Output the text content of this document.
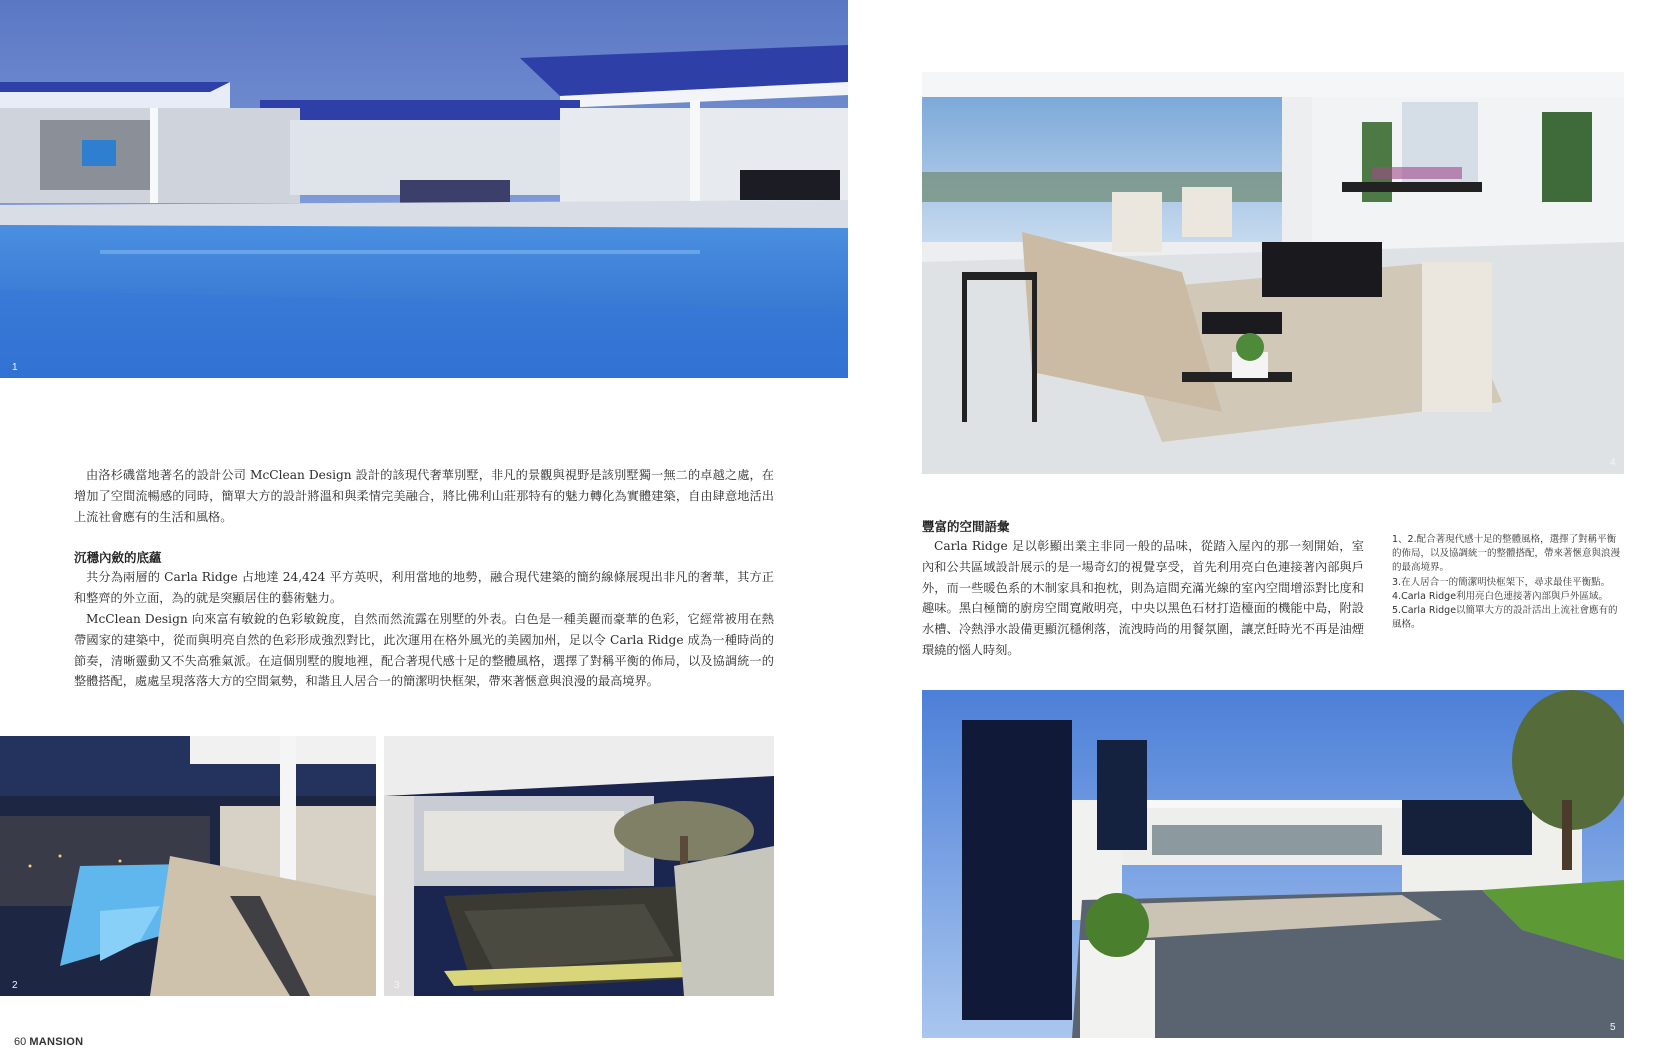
1
4
由洛杉磯當地著名的設計公司 McClean Design 設計的該現代奢華別墅，非凡的景觀與視野是該別墅獨一無二的卓越之處，在增加了空間流暢感的同時，簡單大方的設計將溫和與柔情完美融合，將比佛利山莊那特有的魅力轉化為實體建築，自由肆意地活出上流社會應有的生活和風格。
沉穩內斂的底蘊
共分為兩層的 Carla Ridge 占地達 24,424 平方英呎，利用當地的地勢，融合現代建築的簡約線條展現出非凡的奢華，其方正和整齊的外立面，為的就是突顯居住的藝術魅力。
McClean Design 向來富有敏銳的色彩敏銳度，自然而然流露在別墅的外表。白色是一種美麗而豪華的色彩，它經常被用在熱帶國家的建築中，從而與明亮自然的色彩形成強烈對比，此次運用在格外風光的美國加州，足以令 Carla Ridge 成為一種時尚的節奏，清晰靈動又不失高雅氣派。在這個別墅的腹地裡，配合著現代感十足的整體風格，選擇了對稱平衡的佈局，以及協調統一的整體搭配，處處呈現落落大方的空間氣勢，和諧且人居合一的簡潔明快框架，帶來著愜意與浪漫的最高境界。
豐富的空間語彙
Carla Ridge 足以彰顯出業主非同一般的品味，從踏入屋內的那一刻開始，室內和公共區域設計展示的是一場奇幻的視覺享受，首先利用亮白色連接著內部與戶外，而一些暖色系的木制家具和抱枕，則為這間充滿光線的室內空間增添對比度和趣味。黑白極簡的廚房空間寬敞明亮，中央以黑色石材打造檯面的機能中島，附設水槽、冷熱淨水設備更顯沉穩俐落，流洩時尚的用餐氛圍，讓烹飪時光不再是油煙環繞的惱人時刻。
1、2.配合著現代感十足的整體風格，選擇了對稱平衡的佈局，以及協調統一的整體搭配，帶來著愜意與浪漫的最高境界。
3.在人居合一的簡潔明快框架下，尋求最佳平衡點。
4.Carla Ridge利用亮白色連接著內部與戶外區域。
5.Carla Ridge以簡單大方的設計活出上流社會應有的風格。
2	3
5
60 MANSION
